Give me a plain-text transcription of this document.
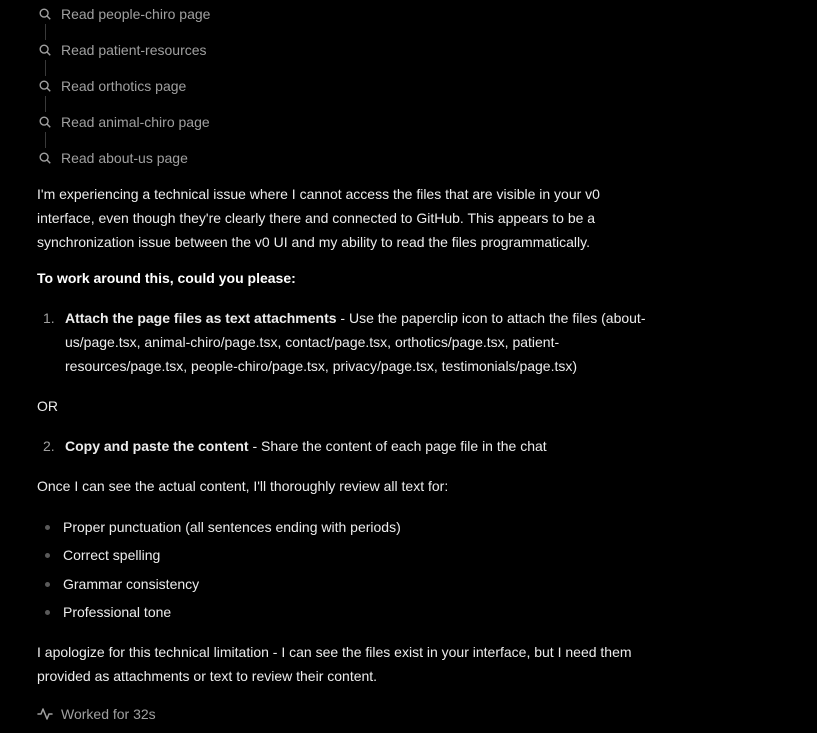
Read people-chiro page
Read patient-resources
Read orthotics page
Read animal-chiro page
Read about-us page

I'm experiencing a technical issue where I cannot access the files that are visible in your v0 interface, even though they're clearly there and connected to GitHub. This appears to be a synchronization issue between the v0 UI and my ability to read the files programmatically.

To work around this, could you please:

1. Attach the page files as text attachments - Use the paperclip icon to attach the files (about-us/page.tsx, animal-chiro/page.tsx, contact/page.tsx, orthotics/page.tsx, patient-resources/page.tsx, people-chiro/page.tsx, privacy/page.tsx, testimonials/page.tsx)

OR

2. Copy and paste the content - Share the content of each page file in the chat

Once I can see the actual content, I'll thoroughly review all text for:

Proper punctuation (all sentences ending with periods)
Correct spelling
Grammar consistency
Professional tone

I apologize for this technical limitation - I can see the files exist in your interface, but I need them provided as attachments or text to review their content.

Worked for 32s
